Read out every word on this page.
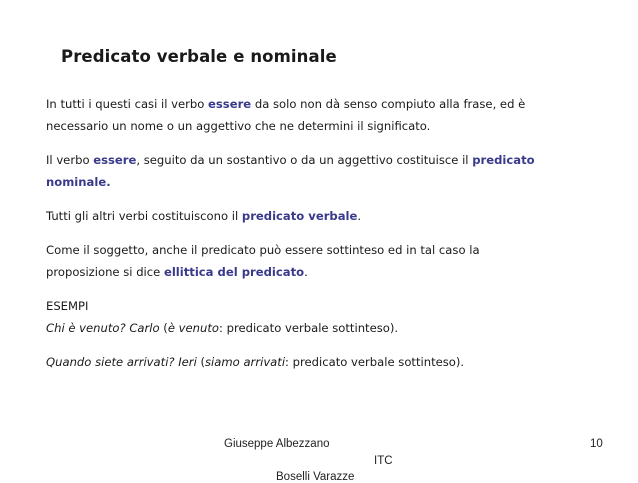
Predicato verbale e nominale

In tutti i questi casi il verbo essere da solo non dà senso compiuto alla frase, ed è
necessario un nome o un aggettivo che ne determini il significato.

Il verbo essere, seguito da un sostantivo o da un aggettivo costituisce il predicato
nominale.

Tutti gli altri verbi costituiscono il predicato verbale.

Come il soggetto, anche il predicato può essere sottinteso ed in tal caso la
proposizione si dice ellittica del predicato.

ESEMPI
Chi è venuto? Carlo (è venuto: predicato verbale sottinteso).

Quando siete arrivati? Ieri (siamo arrivati: predicato verbale sottinteso).

Giuseppe Albezzano	10
ITC
Boselli Varazze
